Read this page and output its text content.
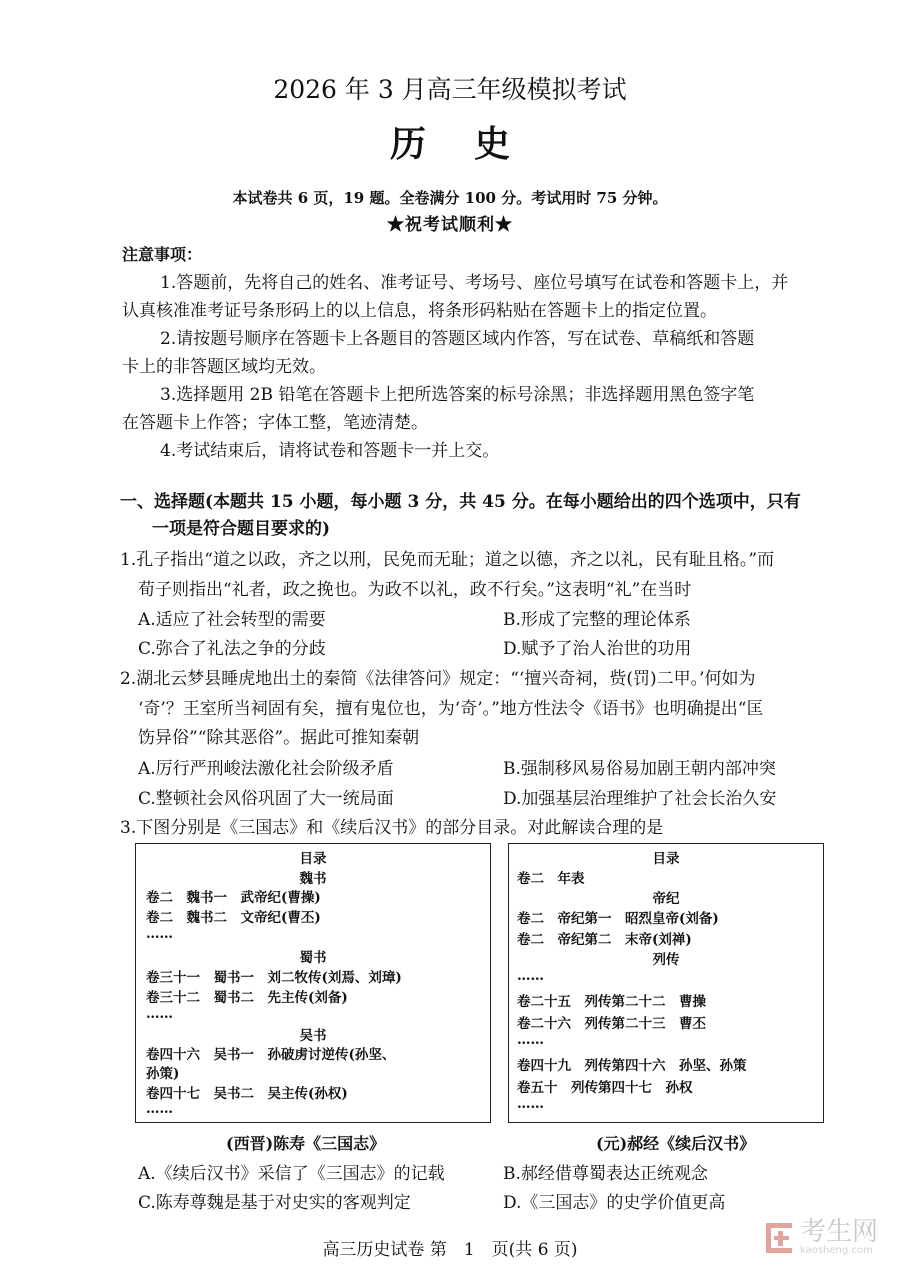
2026 年 3 月高三年级模拟考试
历史
本试卷共 6 页，19 题。全卷满分 100 分。考试用时 75 分钟。
★祝考试顺利★
注意事项：
1.答题前，先将自己的姓名、准考证号、考场号、座位号填写在试卷和答题卡上，并
认真核准准考证号条形码上的以上信息，将条形码粘贴在答题卡上的指定位置。
2.请按题号顺序在答题卡上各题目的答题区域内作答，写在试卷、草稿纸和答题
卡上的非答题区域均无效。
3.选择题用 2B 铅笔在答题卡上把所选答案的标号涂黑；非选择题用黑色签字笔
在答题卡上作答；字体工整，笔迹清楚。
4.考试结束后，请将试卷和答题卡一并上交。
一、选择题(本题共 15 小题，每小题 3 分，共 45 分。在每小题给出的四个选项中，只有
一项是符合题目要求的)
1.孔子指出“道之以政，齐之以刑，民免而无耻；道之以德，齐之以礼，民有耻且格。”而
荀子则指出“礼者，政之挽也。为政不以礼，政不行矣。”这表明“礼”在当时
A.适应了社会转型的需要	B.形成了完整的理论体系
C.弥合了礼法之争的分歧	D.赋予了治人治世的功用
2.湖北云梦县睡虎地出土的秦简《法律答问》规定：“‘擅兴奇祠，赀(罚)二甲。’何如为
‘奇’？王室所当祠固有矣，擅有鬼位也，为‘奇’。”地方性法令《语书》也明确提出“匡
饬异俗”“除其恶俗”。据此可推知秦朝
A.厉行严刑峻法激化社会阶级矛盾	B.强制移风易俗易加剧王朝内部冲突
C.整顿社会风俗巩固了大一统局面	D.加强基层治理维护了社会长治久安
3.下图分别是《三国志》和《续后汉书》的部分目录。对此解读合理的是
目录
魏书
卷二　魏书一　武帝纪(曹操)
卷二　魏书二　文帝纪(曹丕)
……
蜀书
卷三十一　蜀书一　刘二牧传(刘焉、刘璋)
卷三十二　蜀书二　先主传(刘备)
……
吴书
卷四十六　吴书一　孙破虏讨逆传(孙坚、
孙策)
卷四十七　吴书二　吴主传(孙权)
……
目录
卷二　年表
帝纪
卷二　帝纪第一　昭烈皇帝(刘备)
卷二　帝纪第二　末帝(刘禅)
列传
……
卷二十五　列传第二十二　曹操
卷二十六　列传第二十三　曹丕
……
卷四十九　列传第四十六　孙坚、孙策
卷五十　列传第四十七　孙权
……
(西晋)陈寿《三国志》	(元)郝经《续后汉书》
A.《续后汉书》采信了《三国志》的记载	B.郝经借尊蜀表达正统观念
C.陈寿尊魏是基于对史实的客观判定	D.《三国志》的史学价值更高
高三历史试卷 第　1　页(共 6 页)
考生网
kaosheng.com
